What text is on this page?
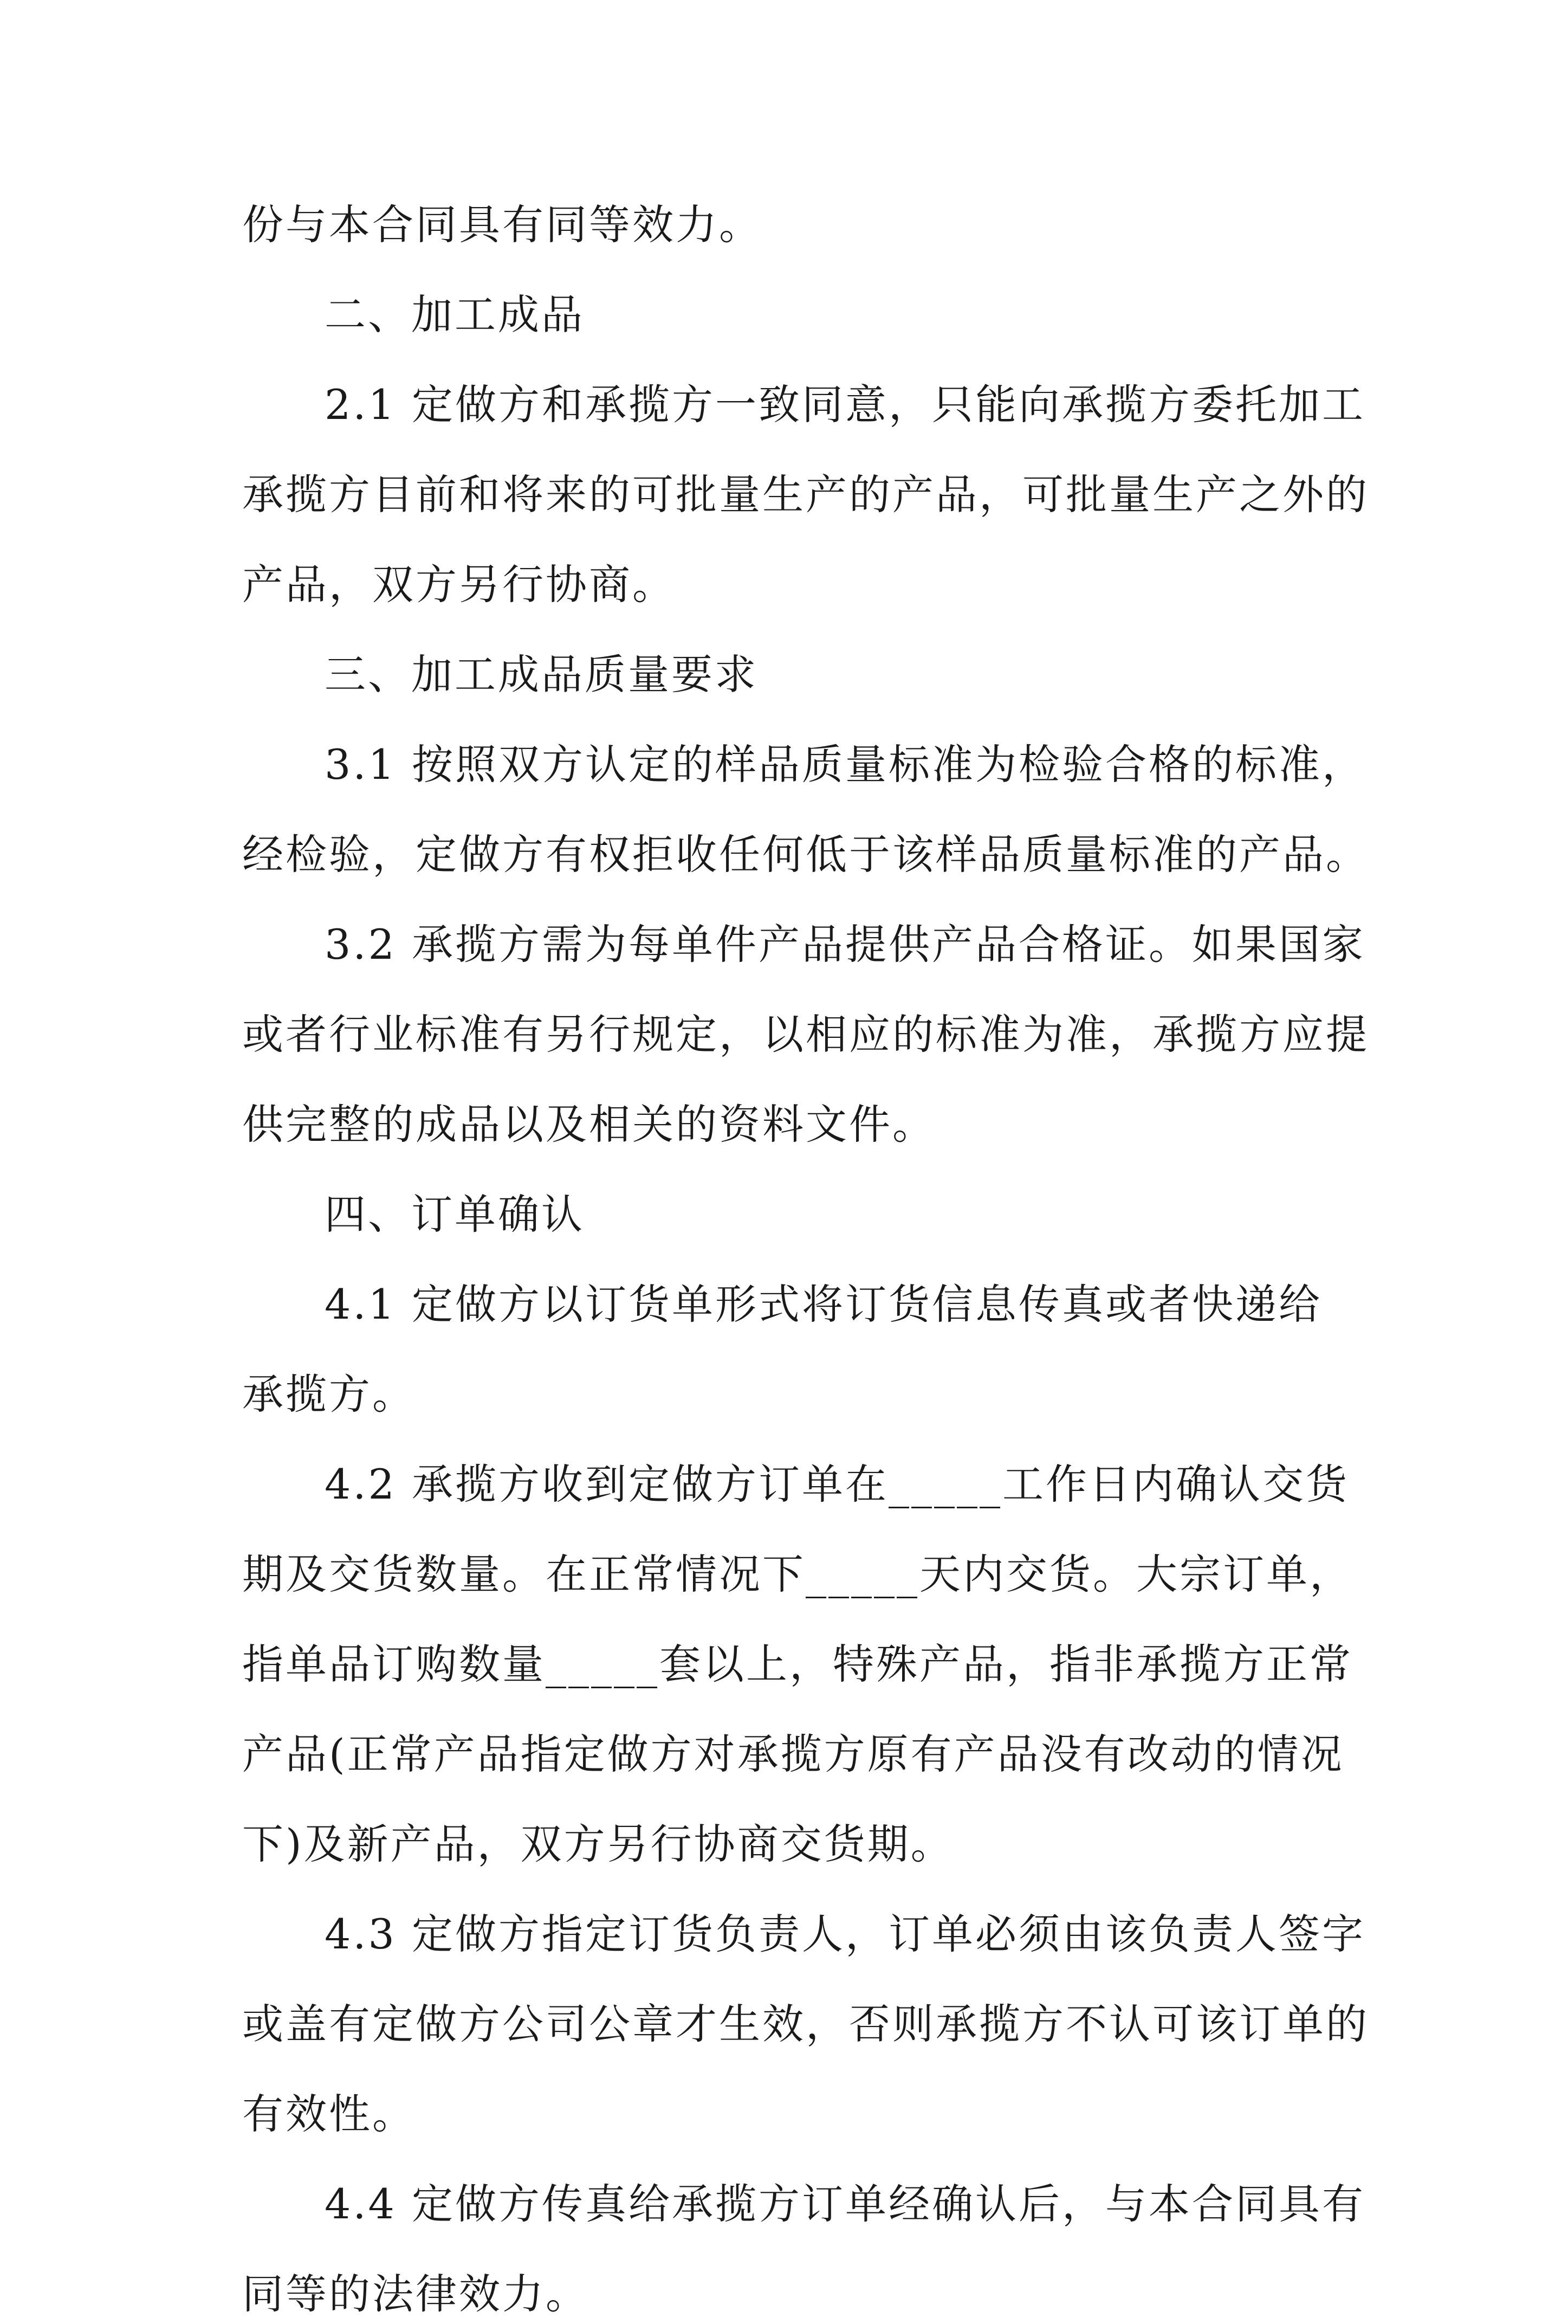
份与本合同具有同等效力。
二、加工成品
2.1 定做方和承揽方一致同意，只能向承揽方委托加工
承揽方目前和将来的可批量生产的产品，可批量生产之外的
产品，双方另行协商。
三、加工成品质量要求
3.1 按照双方认定的样品质量标准为检验合格的标准，
经检验，定做方有权拒收任何低于该样品质量标准的产品。
3.2 承揽方需为每单件产品提供产品合格证。如果国家
或者行业标准有另行规定，以相应的标准为准，承揽方应提
供完整的成品以及相关的资料文件。
四、订单确认
4.1 定做方以订货单形式将订货信息传真或者快递给
承揽方。
4.2 承揽方收到定做方订单在_____工作日内确认交货
期及交货数量。在正常情况下_____天内交货。大宗订单，
指单品订购数量_____套以上，特殊产品，指非承揽方正常
产品(正常产品指定做方对承揽方原有产品没有改动的情况
下)及新产品，双方另行协商交货期。
4.3 定做方指定订货负责人，订单必须由该负责人签字
或盖有定做方公司公章才生效，否则承揽方不认可该订单的
有效性。
4.4 定做方传真给承揽方订单经确认后，与本合同具有
同等的法律效力。
